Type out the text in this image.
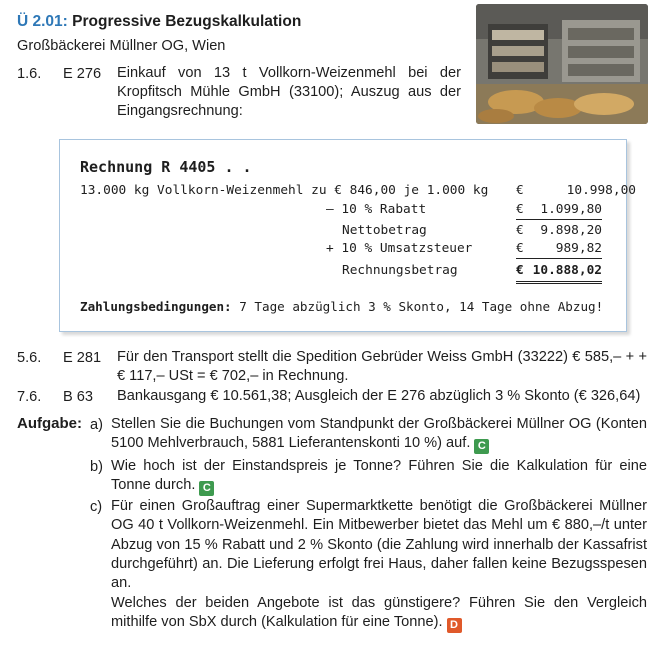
Ü 2.01: Progressive Bezugskalkulation
Großbäckerei Müllner OG, Wien
1.6. E 276 Einkauf von 13 t Vollkorn-Weizenmehl bei der Kropfitsch Mühle GmbH (33100); Auszug aus der Eingangsrechnung:
Rechnung R 4405 . .
13.000 kg Vollkorn-Weizenmehl zu € 846,00 je 1.000 kg €	10.998,00
– 10 % Rabatt	€	1.099,80
Nettobetrag	€	9.898,20
+ 10 % Umsatzsteuer	€	989,82
Rechnungsbetrag	€ 10.888,02
Zahlungsbedingungen: 7 Tage abzüglich 3 % Skonto, 14 Tage ohne Abzug!
5.6. E 281 Für den Transport stellt die Spedition Gebrüder Weiss GmbH (33222) € 585,– + + € 117,– USt = € 702,– in Rechnung.
7.6. B 63 Bankausgang € 10.561,38; Ausgleich der E 276 abzüglich 3 % Skonto (€ 326,64)
Aufgabe: a) Stellen Sie die Buchungen vom Standpunkt der Großbäckerei Müllner OG (Konten 5100 Mehlverbrauch, 5881 Lieferantenskonti 10 %) auf. C
b) Wie hoch ist der Einstandspreis je Tonne? Führen Sie die Kalkulation für eine Tonne durch. C
c) Für einen Großauftrag einer Supermarktkette benötigt die Großbäckerei Müllner OG 40 t Vollkorn-Weizenmehl. Ein Mitbewerber bietet das Mehl um € 880,–/t unter Abzug von 15 % Rabatt und 2 % Skonto (die Zahlung wird innerhalb der Kassafrist durchgeführt) an. Die Lieferung erfolgt frei Haus, daher fallen keine Bezugsspesen an.
Welches der beiden Angebote ist das günstigere? Führen Sie den Vergleich mithilfe von SbX durch (Kalkulation für eine Tonne). D
